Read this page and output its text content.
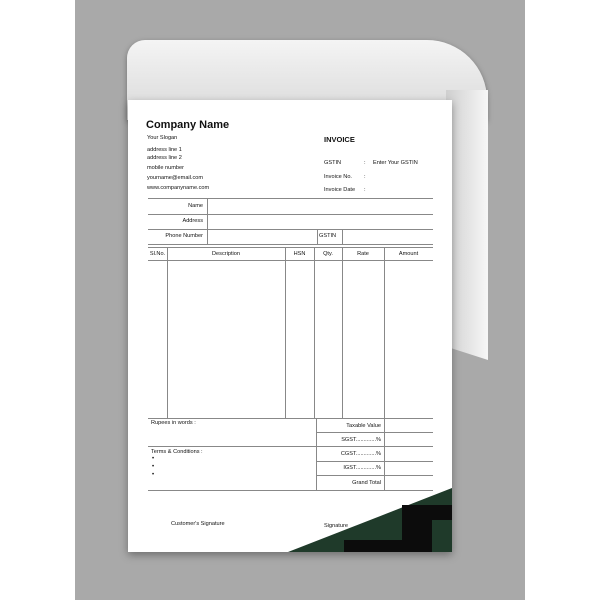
Company Name
Your Slogan
address line 1
address line 2
mobile number
yourname@email.com
www.companyname.com
INVOICE
GSTIN	: Enter Your GSTIN
Invoice No. :
Invoice Date :
Name
Address
Phone Number	GSTIN
Sl.No.	Description	HSN	Qty.	Rate	Amount
Rupees in words :	Taxable Value
SGST.............%
CGST.............%
IGST.............%
Grand Total
Terms & Conditions :
•
•
•
Customer's Signature	Signature
